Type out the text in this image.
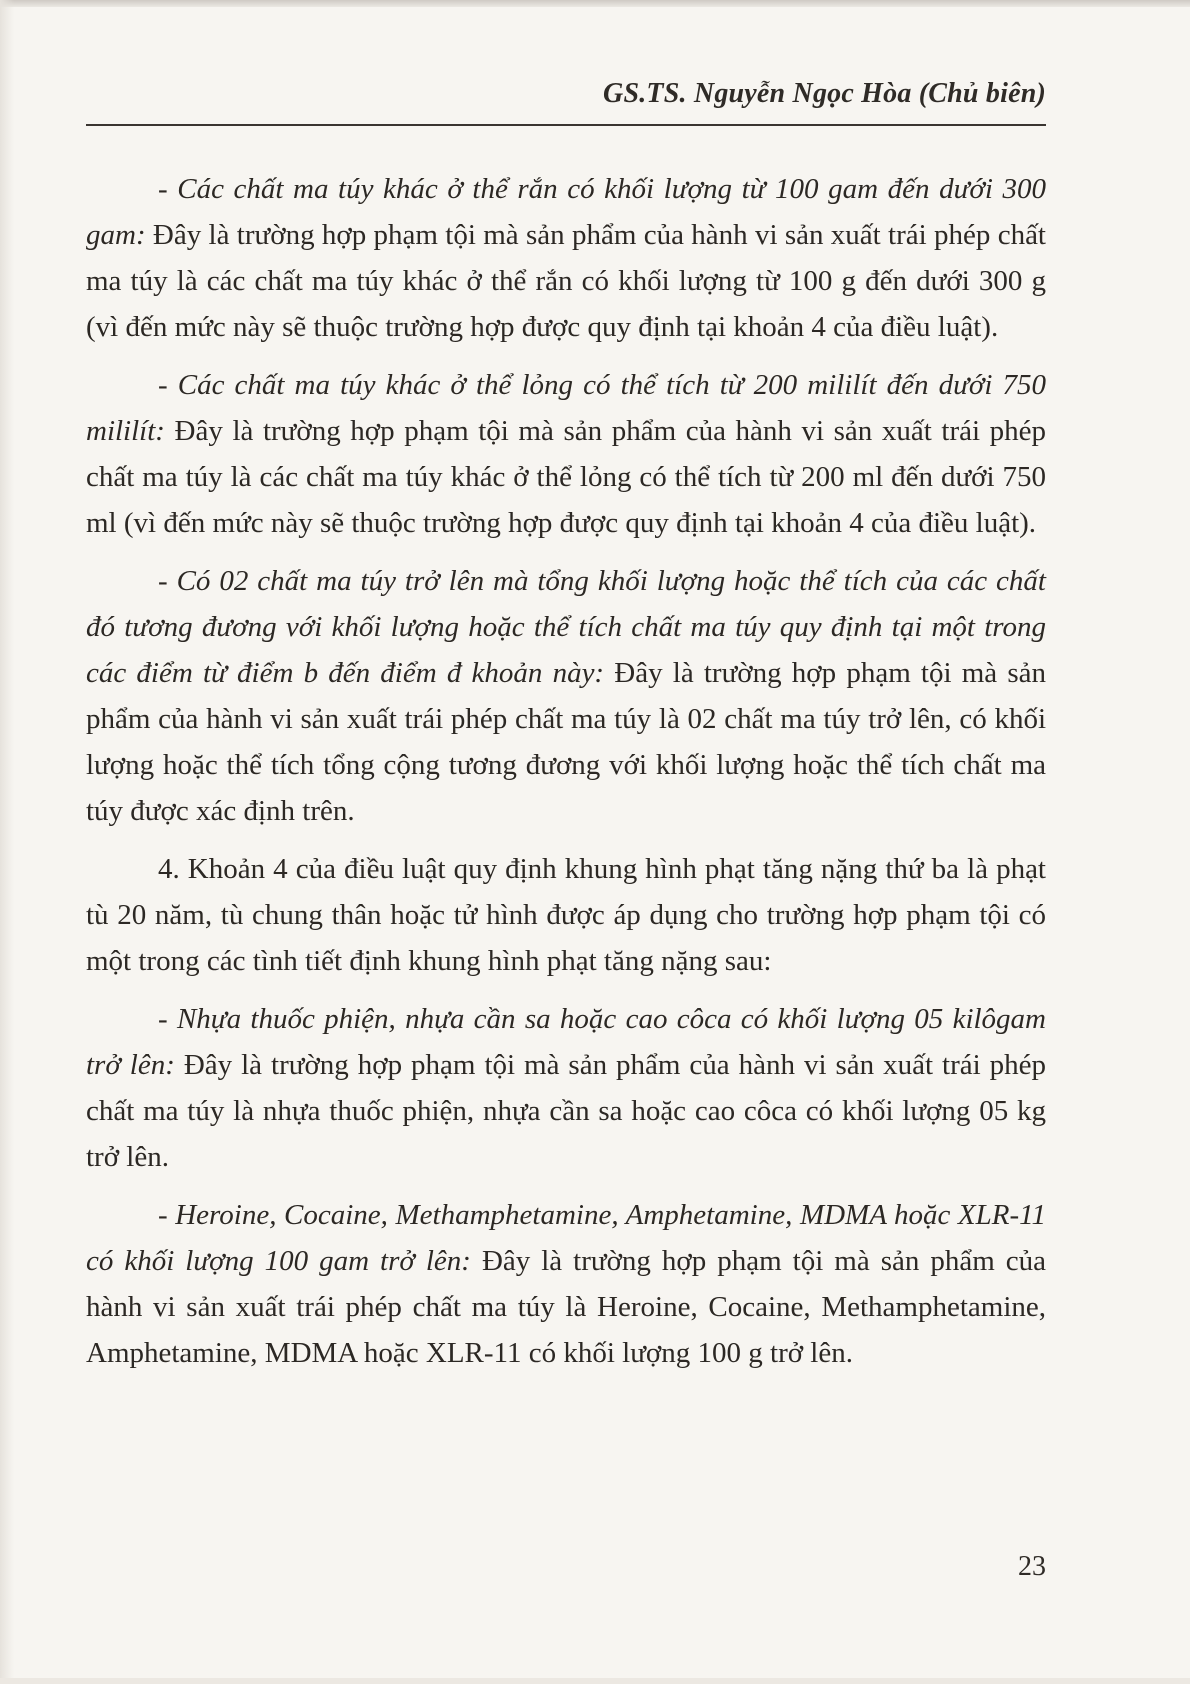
GS.TS. Nguyễn Ngọc Hòa (Chủ biên)

- Các chất ma túy khác ở thể rắn có khối lượng từ 100 gam đến dưới 300 gam: Đây là trường hợp phạm tội mà sản phẩm của hành vi sản xuất trái phép chất ma túy là các chất ma túy khác ở thể rắn có khối lượng từ 100 g đến dưới 300 g (vì đến mức này sẽ thuộc trường hợp được quy định tại khoản 4 của điều luật).

- Các chất ma túy khác ở thể lỏng có thể tích từ 200 mililít đến dưới 750 mililít: Đây là trường hợp phạm tội mà sản phẩm của hành vi sản xuất trái phép chất ma túy là các chất ma túy khác ở thể lỏng có thể tích từ 200 ml đến dưới 750 ml (vì đến mức này sẽ thuộc trường hợp được quy định tại khoản 4 của điều luật).

- Có 02 chất ma túy trở lên mà tổng khối lượng hoặc thể tích của các chất đó tương đương với khối lượng hoặc thể tích chất ma túy quy định tại một trong các điểm từ điểm b đến điểm đ khoản này: Đây là trường hợp phạm tội mà sản phẩm của hành vi sản xuất trái phép chất ma túy là 02 chất ma túy trở lên, có khối lượng hoặc thể tích tổng cộng tương đương với khối lượng hoặc thể tích chất ma túy được xác định trên.

4. Khoản 4 của điều luật quy định khung hình phạt tăng nặng thứ ba là phạt tù 20 năm, tù chung thân hoặc tử hình được áp dụng cho trường hợp phạm tội có một trong các tình tiết định khung hình phạt tăng nặng sau:

- Nhựa thuốc phiện, nhựa cần sa hoặc cao côca có khối lượng 05 kilôgam trở lên: Đây là trường hợp phạm tội mà sản phẩm của hành vi sản xuất trái phép chất ma túy là nhựa thuốc phiện, nhựa cần sa hoặc cao côca có khối lượng 05 kg trở lên.

- Heroine, Cocaine, Methamphetamine, Amphetamine, MDMA hoặc XLR-11 có khối lượng 100 gam trở lên: Đây là trường hợp phạm tội mà sản phẩm của hành vi sản xuất trái phép chất ma túy là Heroine, Cocaine, Methamphetamine, Amphetamine, MDMA hoặc XLR-11 có khối lượng 100 g trở lên.

23
